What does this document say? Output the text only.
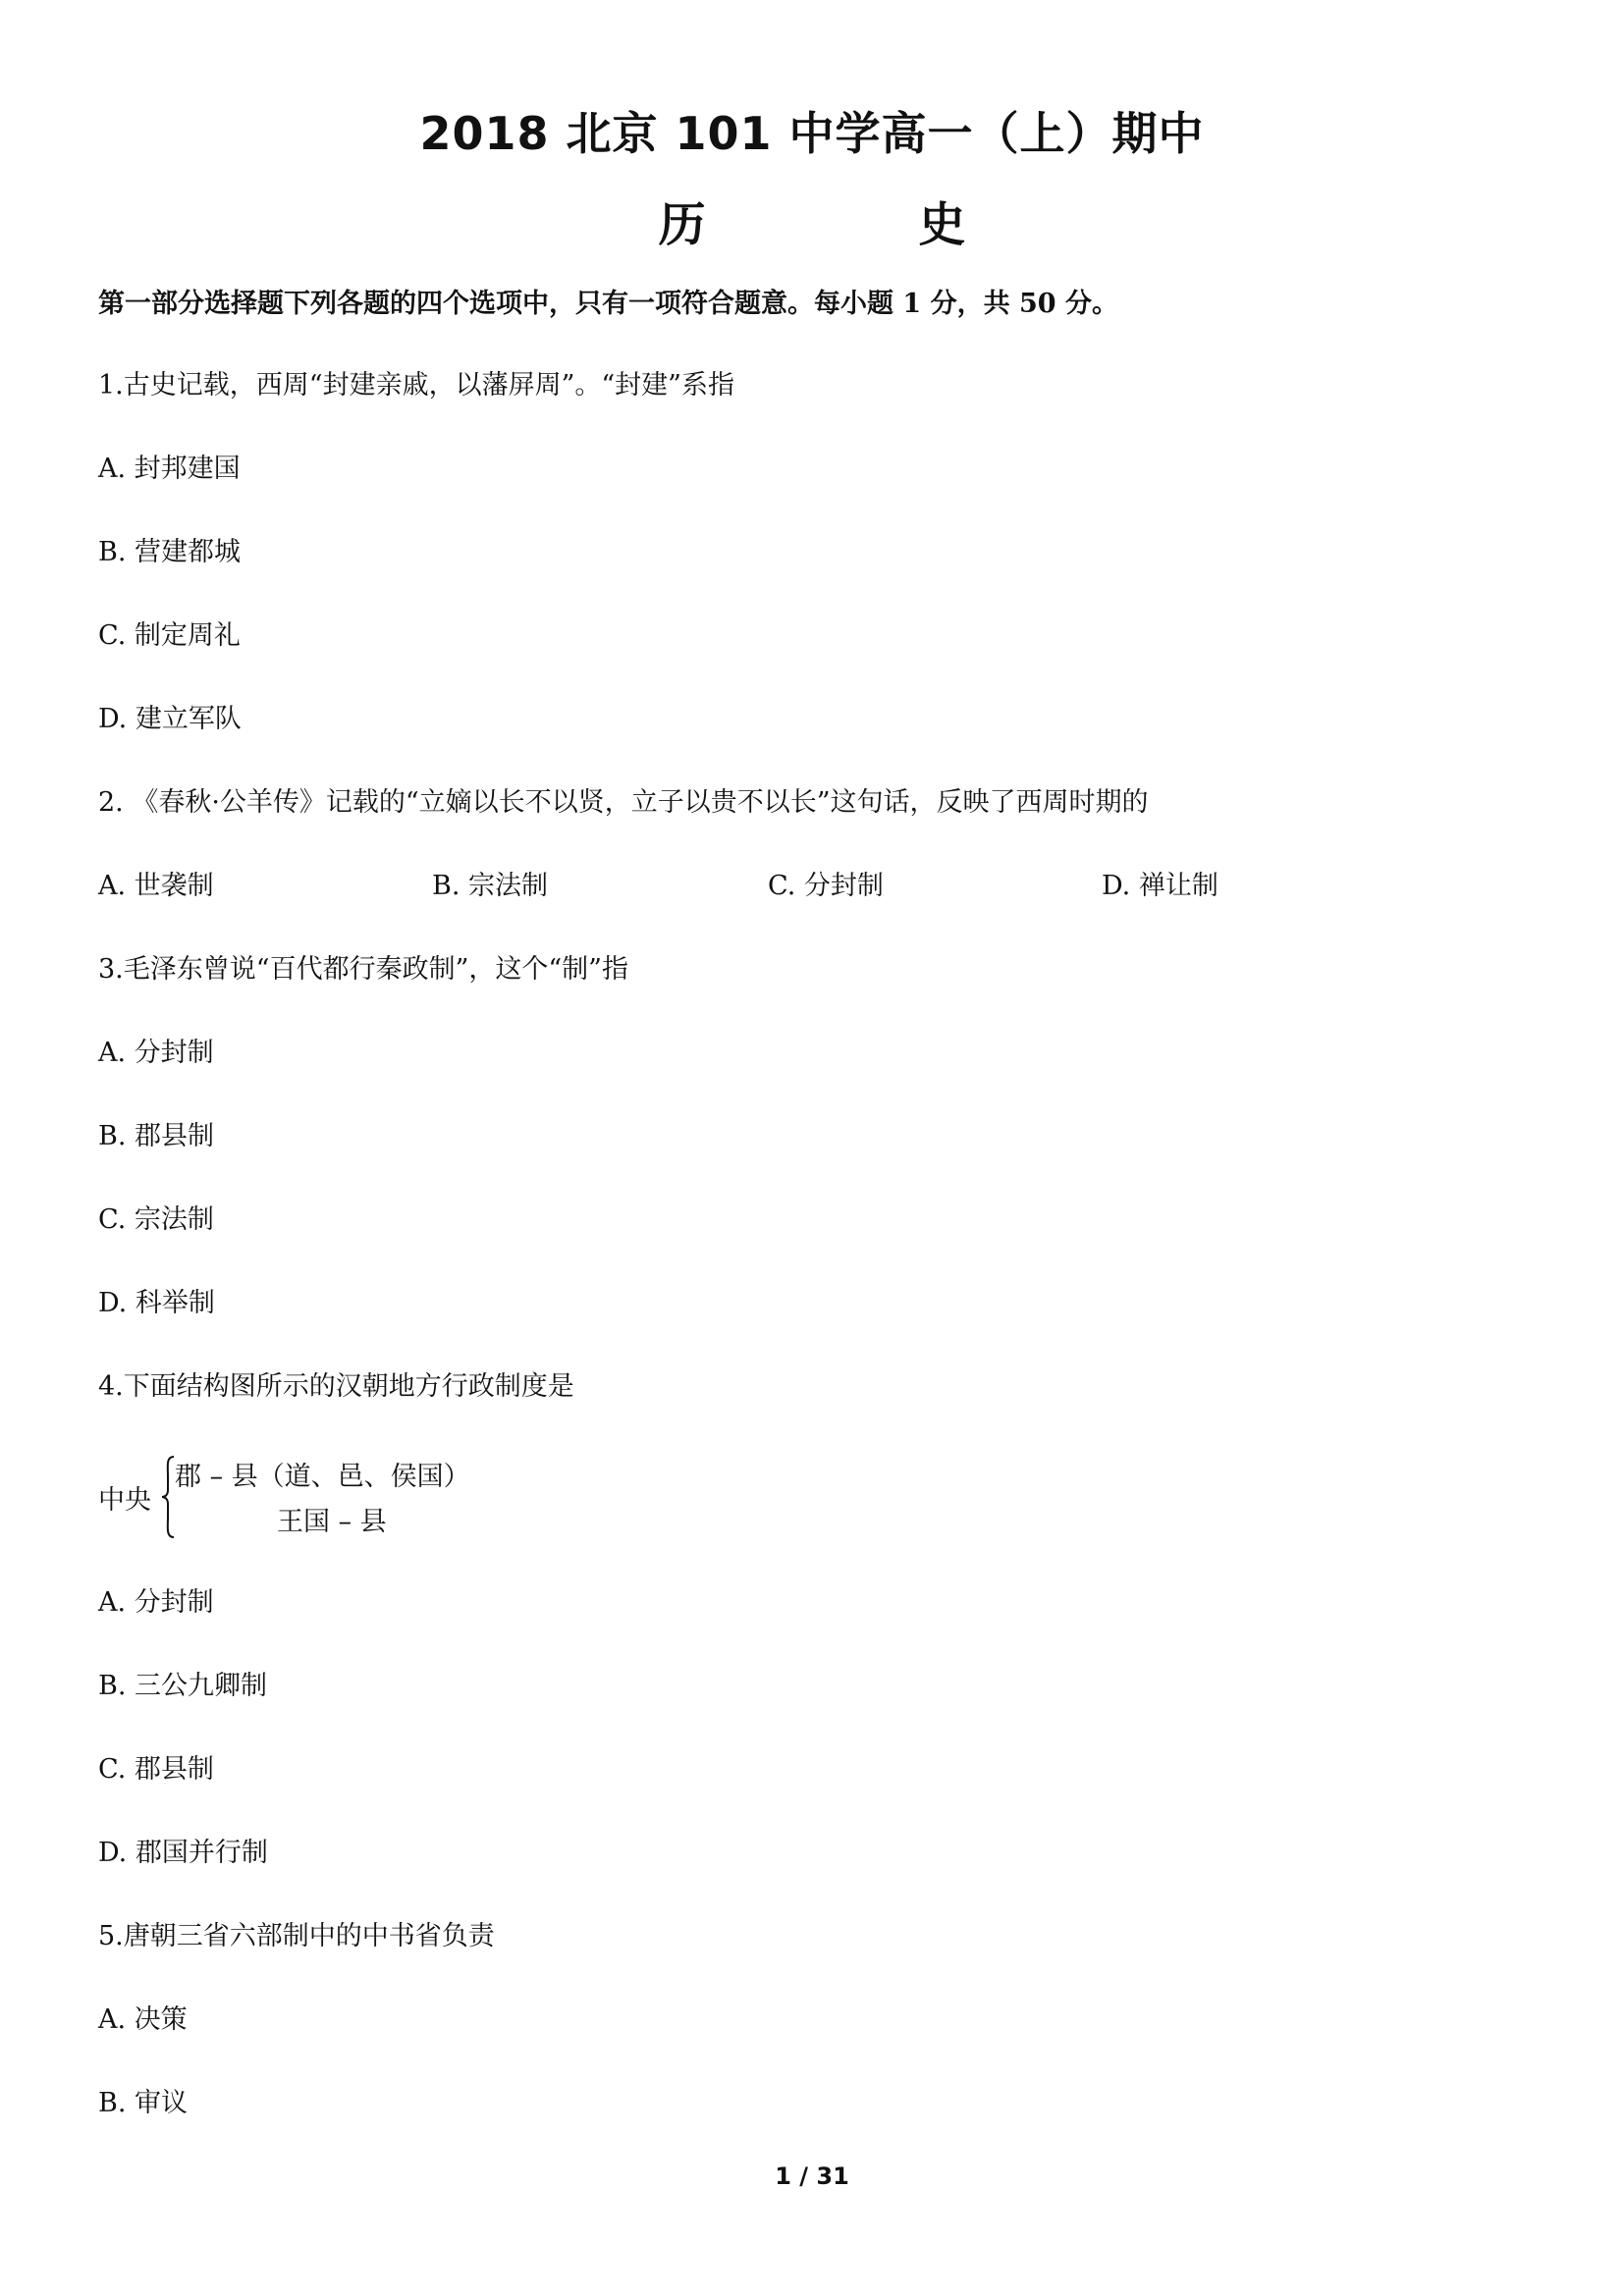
2018 北京 101 中学高一（上）期中
历 史
第一部分选择题下列各题的四个选项中，只有一项符合题意。每小题 1 分，共 50 分。
1.古史记载，西周“封建亲戚，以藩屏周”。“封建”系指
A. 封邦建国
B. 营建都城
C. 制定周礼
D. 建立军队
2. 《春秋·公羊传》记载的“立嫡以长不以贤，立子以贵不以长”这句话，反映了西周时期的
A. 世袭制	B. 宗法制	C. 分封制	D. 禅让制
3.毛泽东曾说“百代都行秦政制”，这个“制”指
A. 分封制
B. 郡县制
C. 宗法制
D. 科举制
4.下面结构图所示的汉朝地方行政制度是
中央
郡 – 县（道、邑、侯国）
王国 – 县
A. 分封制
B. 三公九卿制
C. 郡县制
D. 郡国并行制
5.唐朝三省六部制中的中书省负责
A. 决策
B. 审议
1 / 31
